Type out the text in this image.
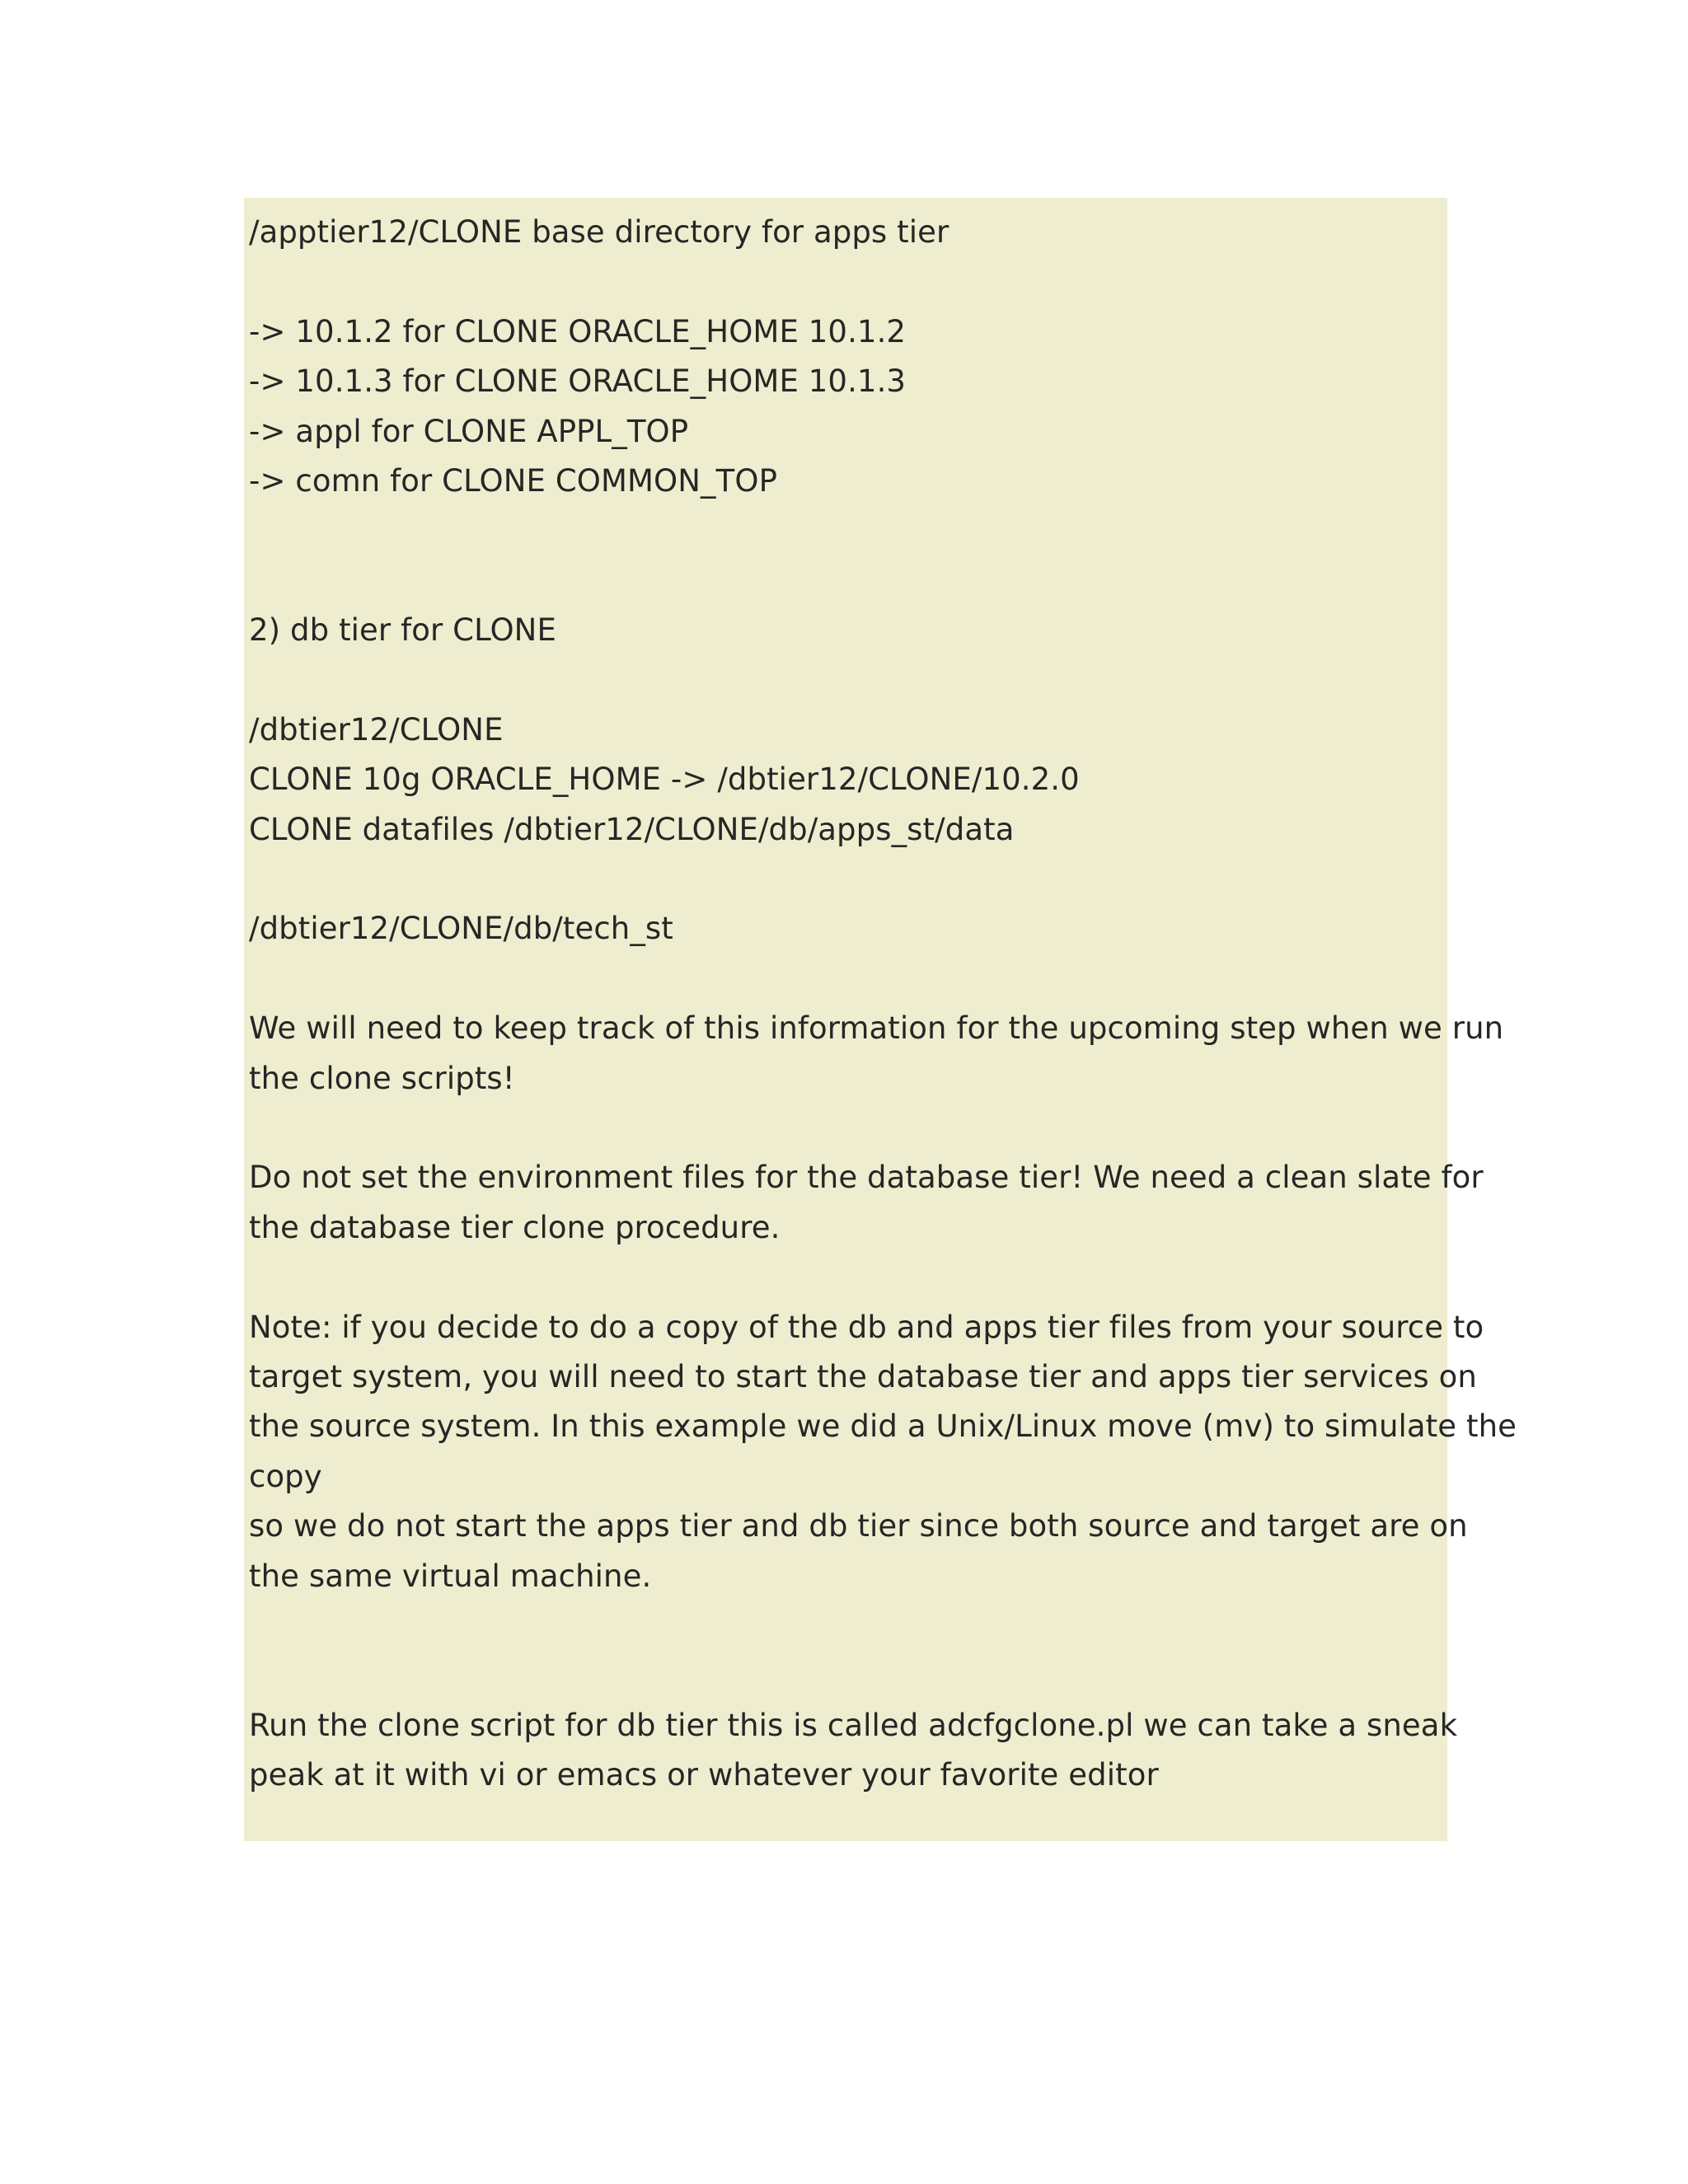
/apptier12/CLONE base directory for apps tier
-> 10.1.2 for CLONE ORACLE_HOME 10.1.2
-> 10.1.3 for CLONE ORACLE_HOME 10.1.3
-> appl for CLONE APPL_TOP
-> comn for CLONE COMMON_TOP
2) db tier for CLONE
/dbtier12/CLONE
CLONE 10g ORACLE_HOME -> /dbtier12/CLONE/10.2.0
CLONE datafiles /dbtier12/CLONE/db/apps_st/data
/dbtier12/CLONE/db/tech_st
We will need to keep track of this information for the upcoming step when we run
the clone scripts!
Do not set the environment files for the database tier! We need a clean slate for
the database tier clone procedure.
Note: if you decide to do a copy of the db and apps tier files from your source to
target system, you will need to start the database tier and apps tier services on
the source system. In this example we did a Unix/Linux move (mv) to simulate the
copy
so we do not start the apps tier and db tier since both source and target are on
the same virtual machine.
Run the clone script for db tier this is called adcfgclone.pl we can take a sneak
peak at it with vi or emacs or whatever your favorite editor
